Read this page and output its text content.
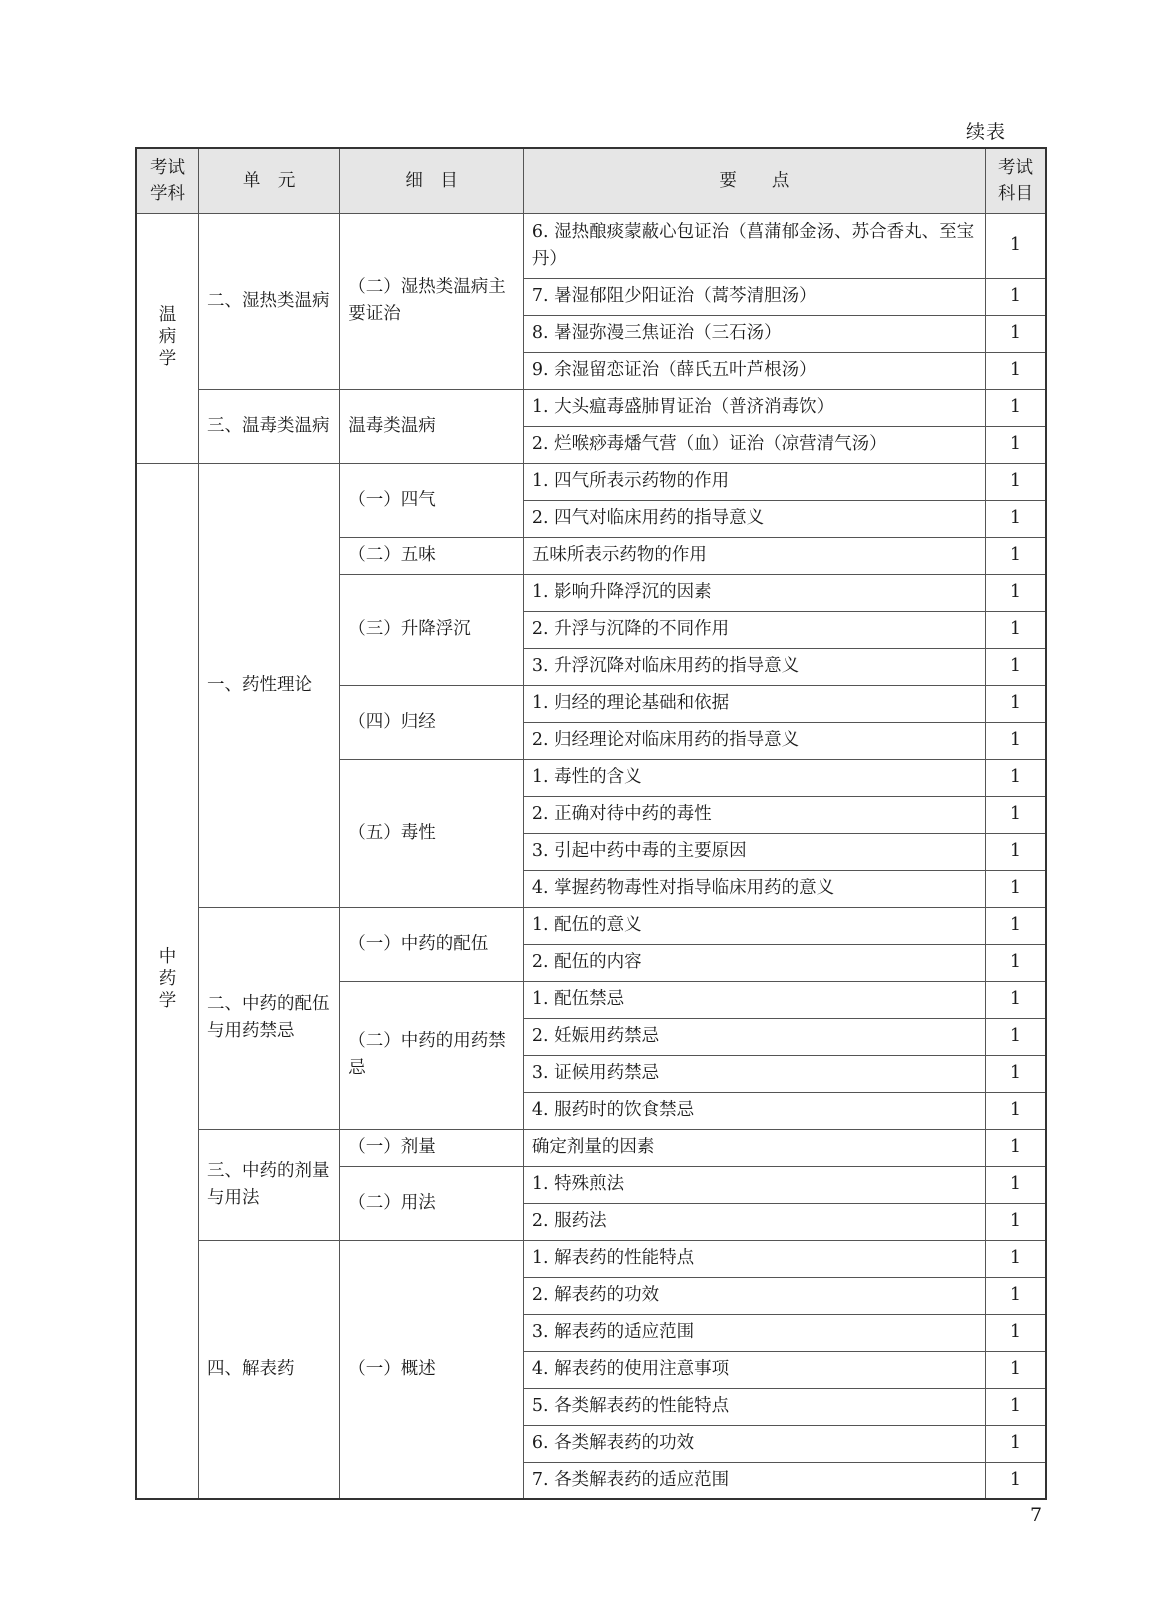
续表
考试学科	单　元	细　目	要　　点	考试科目
温病学	二、湿热类温病	（二）湿热类温病主要证治	6. 湿热酿痰蒙蔽心包证治（菖蒲郁金汤、苏合香丸、至宝丹）	1
			7. 暑湿郁阻少阳证治（蒿芩清胆汤）	1
			8. 暑湿弥漫三焦证治（三石汤）	1
			9. 余湿留恋证治（薛氏五叶芦根汤）	1
	三、温毒类温病	温毒类温病	1. 大头瘟毒盛肺胃证治（普济消毒饮）	1
			2. 烂喉痧毒燔气营（血）证治（凉营清气汤）	1
中药学	一、药性理论	（一）四气	1. 四气所表示药物的作用	1
			2. 四气对临床用药的指导意义	1
		（二）五味	五味所表示药物的作用	1
		（三）升降浮沉	1. 影响升降浮沉的因素	1
			2. 升浮与沉降的不同作用	1
			3. 升浮沉降对临床用药的指导意义	1
		（四）归经	1. 归经的理论基础和依据	1
			2. 归经理论对临床用药的指导意义	1
		（五）毒性	1. 毒性的含义	1
			2. 正确对待中药的毒性	1
			3. 引起中药中毒的主要原因	1
			4. 掌握药物毒性对指导临床用药的意义	1
	二、中药的配伍与用药禁忌	（一）中药的配伍	1. 配伍的意义	1
			2. 配伍的内容	1
		（二）中药的用药禁忌	1. 配伍禁忌	1
			2. 妊娠用药禁忌	1
			3. 证候用药禁忌	1
			4. 服药时的饮食禁忌	1
	三、中药的剂量与用法	（一）剂量	确定剂量的因素	1
		（二）用法	1. 特殊煎法	1
			2. 服药法	1
	四、解表药	（一）概述	1. 解表药的性能特点	1
			2. 解表药的功效	1
			3. 解表药的适应范围	1
			4. 解表药的使用注意事项	1
			5. 各类解表药的性能特点	1
			6. 各类解表药的功效	1
			7. 各类解表药的适应范围	1
7
